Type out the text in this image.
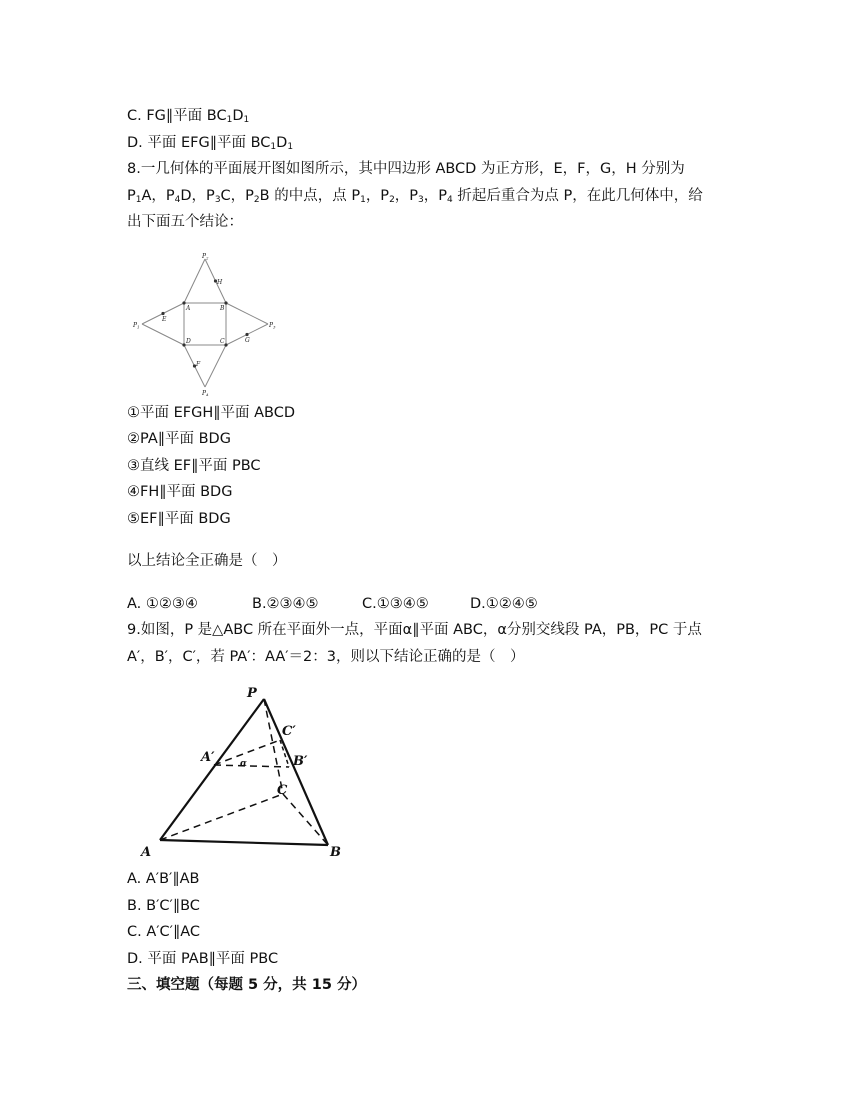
C. FG∥平面 $BC_1D_1$
D. 平面 EFG∥平面 $BC_1D_1$
8.一几何体的平面展开图如图所示，其中四边形 ABCD 为正方形，E，F，G，H 分别为
$P_1A$，$P_4D$，$P_3C$，$P_2B$ 的中点，点 $P_1$，$P_2$，$P_3$，$P_4$ 折起后重合为点 P，在此几何体中，给
出下面五个结论：
$P_2$
$P_1$	$P_3$
$P_4$
A	B
D	C
E
F
G
H
①平面 EFGH∥平面 ABCD
②PA∥平面 BDG
③直线 EF∥平面 PBC
④FH∥平面 BDG
⑤EF∥平面 BDG
以上结论全正确是（　）
A. ①②③④	B.②③④⑤	C.①③④⑤	D.①②④⑤
9.如图，P 是△ABC 所在平面外一点，平面α∥平面 ABC，α分别交线段 PA，PB，PC 于点
A′，B′，C′，若 PA′：AA′＝2：3，则以下结论正确的是（　）
P
A	B
C
A′	B′
C′
α
A. A′B′∥AB
B. B′C′∥BC
C. A′C′∥AC
D. 平面 PAB∥平面 PBC
三、填空题（每题 5 分，共 15 分）
